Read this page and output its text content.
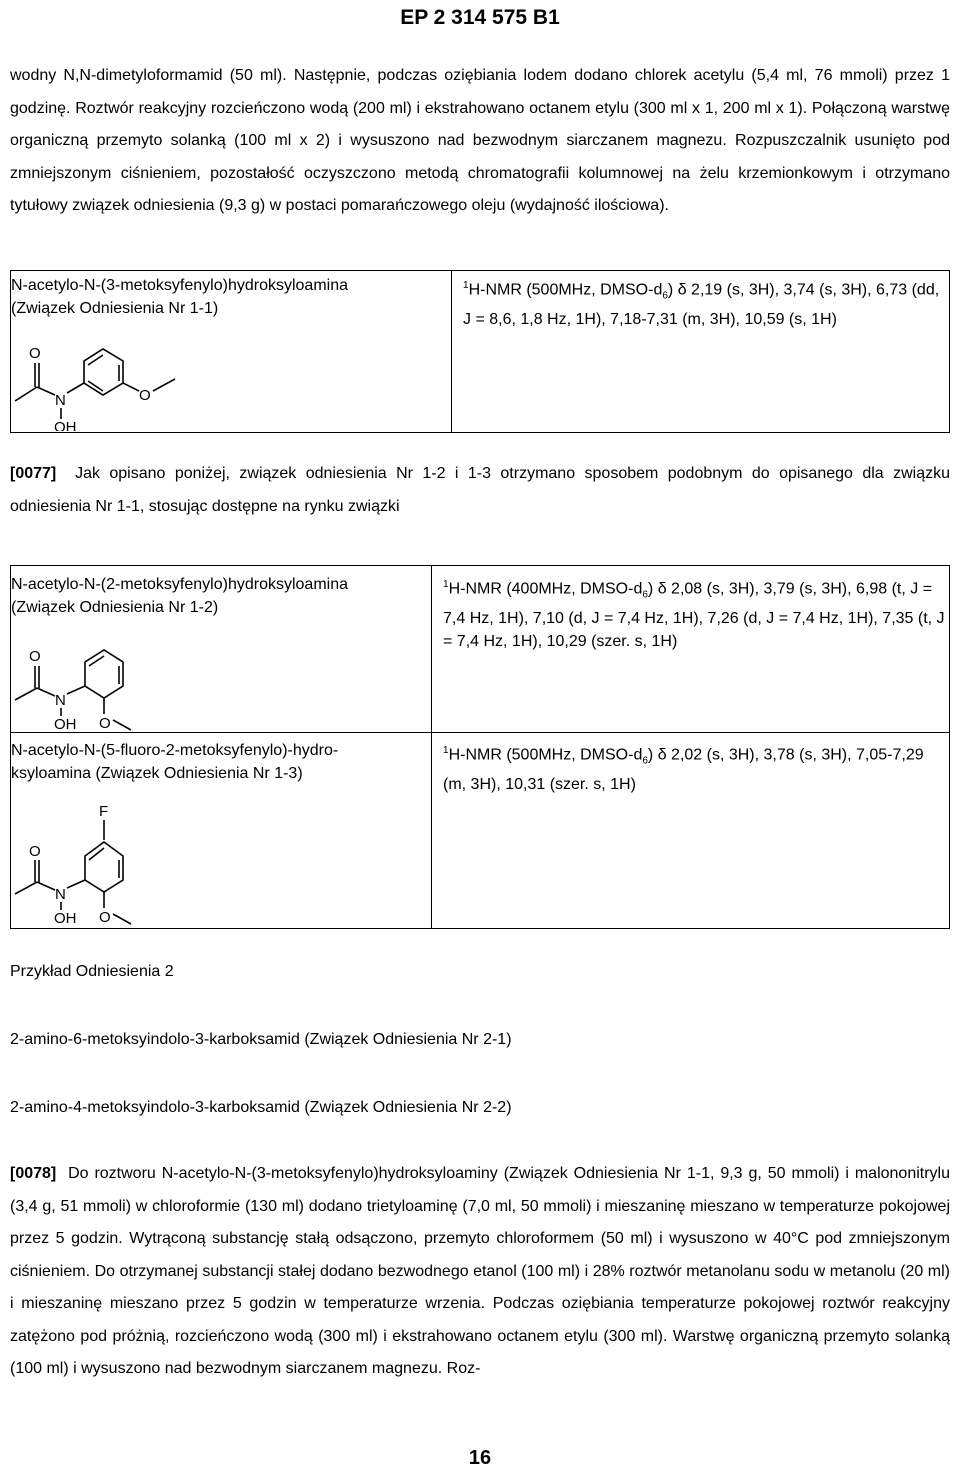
EP 2 314 575 B1
wodny N,N-dimetyloformamid (50 ml). Następnie, podczas oziębiania lodem dodano chlorek acetylu (5,4 ml, 76 mmoli) przez 1 godzinę. Roztwór reakcyjny rozcieńczono wodą (200 ml) i ekstrahowano octanem etylu (300 ml x 1, 200 ml x 1). Połączoną warstwę organiczną przemyto solanką (100 ml x 2) i wysuszono nad bezwodnym siarczanem magnezu. Rozpuszczalnik usunięto pod zmniejszonym ciśnieniem, pozostałość oczyszczono metodą chromatografii kolumnowej na żelu krzemionkowym i otrzymano tytułowy związek odniesienia (9,3 g) w postaci pomarańczowego oleju (wydajność ilościowa).
N-acetylo-N-(3-metoksyfenylo)hydroksyloamina
(Związek Odniesienia Nr 1-1)
$^1$H-NMR (500MHz, DMSO-$d_6$) δ 2,19 (s, 3H), 3,74 (s, 3H), 6,73 (dd, J = 8,6, 1,8 Hz, 1H), 7,18-7,31 (m, 3H), 10,59 (s, 1H)
O
N
OH
O
[0077] Jak opisano poniżej, związek odniesienia Nr 1-2 i 1-3 otrzymano sposobem podobnym do opisanego dla związku odniesienia Nr 1-1, stosując dostępne na rynku związki
N-acetylo-N-(2-metoksyfenylo)hydroksyloamina
(Związek Odniesienia Nr 1-2)
$^1$H-NMR (400MHz, DMSO-$d_6$) δ 2,08 (s, 3H), 3,79 (s, 3H), 6,98 (t, J = 7,4 Hz, 1H), 7,10 (d, J = 7,4 Hz, 1H), 7,26 (d, J = 7,4 Hz, 1H), 7,35 (t, J = 7,4 Hz, 1H), 10,29 (szer. s, 1H)
O
N
OH O
N-acetylo-N-(5-fluoro-2-metoksyfenylo)-hydro-
ksyloamina (Związek Odniesienia Nr 1-3)
$^1$H-NMR (500MHz, DMSO-$d_6$) δ 2,02 (s, 3H), 3,78 (s, 3H), 7,05-7,29 (m, 3H), 10,31 (szer. s, 1H)
F
O
N
OH O
Przykład Odniesienia 2
2-amino-6-metoksyindolo-3-karboksamid (Związek Odniesienia Nr 2-1)
2-amino-4-metoksyindolo-3-karboksamid (Związek Odniesienia Nr 2-2)
[0078] Do roztworu N-acetylo-N-(3-metoksyfenylo)hydroksyloaminy (Związek Odniesienia Nr 1-1, 9,3 g, 50 mmoli) i malononitrylu (3,4 g, 51 mmoli) w chloroformie (130 ml) dodano trietyloaminę (7,0 ml, 50 mmoli) i mieszaninę mieszano w temperaturze pokojowej przez 5 godzin. Wytrąconą substancję stałą odsączono, przemyto chloroformem (50 ml) i wysuszono w 40°C pod zmniejszonym ciśnieniem. Do otrzymanej substancji stałej dodano bezwodnego etanol (100 ml) i 28% roztwór metanolanu sodu w metanolu (20 ml) i mieszaninę mieszano przez 5 godzin w temperaturze wrzenia. Podczas oziębiania temperaturze pokojowej roztwór reakcyjny zatężono pod próżnią, rozcieńczono wodą (300 ml) i ekstrahowano octanem etylu (300 ml). Warstwę organiczną przemyto solanką (100 ml) i wysuszono nad bezwodnym siarczanem magnezu. Roz-
16
